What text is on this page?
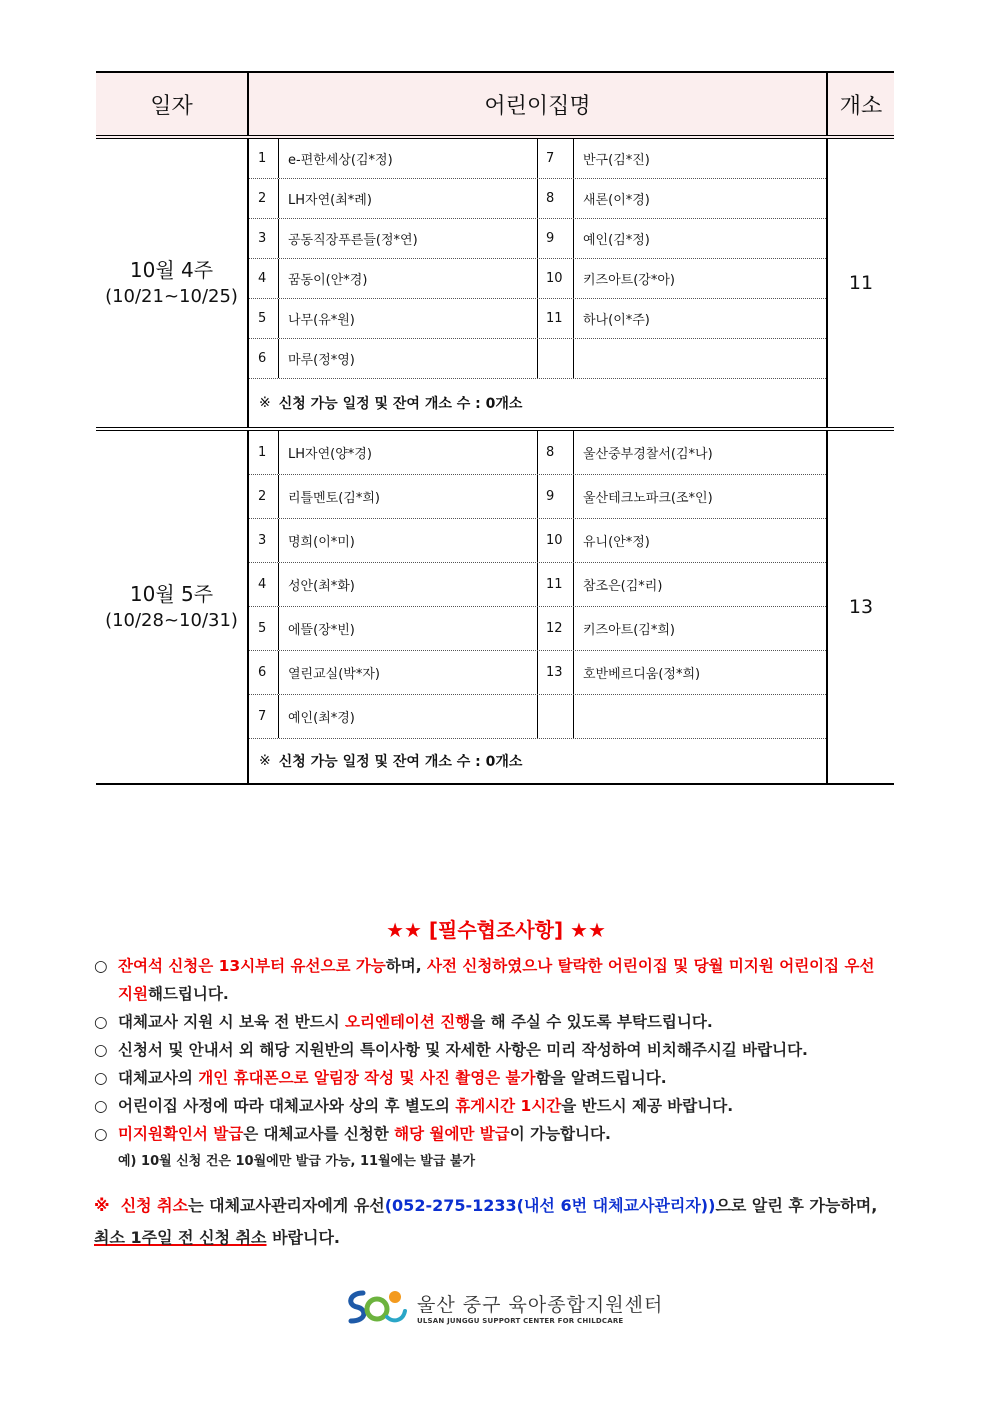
일자	어린이집명	개소
10월 4주
(10/21~10/25)
1	e-편한세상(김*정)	7	반구(김*진)
2	LH자연(최*례)	8	새론(이*경)
3	공동직장푸른들(정*연)	9	예인(김*정)
4	꿈동이(안*경)	10	키즈아트(강*아)
5	나무(유*원)	11	하나(이*주)
6	마루(정*영)
※ 신청 가능 일정 및 잔여 개소 수 : 0개소
11
10월 5주
(10/28~10/31)
1	LH자연(양*경)	8	울산중부경찰서(김*나)
2	리틀멘토(김*희)	9	울산테크노파크(조*인)
3	명희(이*미)	10	유니(안*정)
4	성안(최*화)	11	참조은(김*리)
5	에뜰(장*빈)	12	키즈아트(김*희)
6	열린교실(박*자)	13	호반베르디움(정*희)
7	예인(최*경)
※ 신청 가능 일정 및 잔여 개소 수 : 0개소
13
★★ [필수협조사항] ★★
○ 잔여석 신청은 13시부터 유선으로 가능하며, 사전 신청하였으나 탈락한 어린이집 및 당월 미지원 어린이집 우선 지원해드립니다.
○ 대체교사 지원 시 보육 전 반드시 오리엔테이션 진행을 해 주실 수 있도록 부탁드립니다.
○ 신청서 및 안내서 외 해당 지원반의 특이사항 및 자세한 사항은 미리 작성하여 비치해주시길 바랍니다.
○ 대체교사의 개인 휴대폰으로 알림장 작성 및 사진 촬영은 불가함을 알려드립니다.
○ 어린이집 사정에 따라 대체교사와 상의 후 별도의 휴게시간 1시간을 반드시 제공 바랍니다.
○ 미지원확인서 발급은 대체교사를 신청한 해당 월에만 발급이 가능합니다.
예) 10월 신청 건은 10월에만 발급 가능, 11월에는 발급 불가
※ 신청 취소는 대체교사관리자에게 유선(052-275-1233(내선 6번 대체교사관리자))으로 알린 후 가능하며, 최소 1주일 전 신청 취소 바랍니다.
울산 중구 육아종합지원센터
ULSAN JUNGGU SUPPORT CENTER FOR CHILDCARE
